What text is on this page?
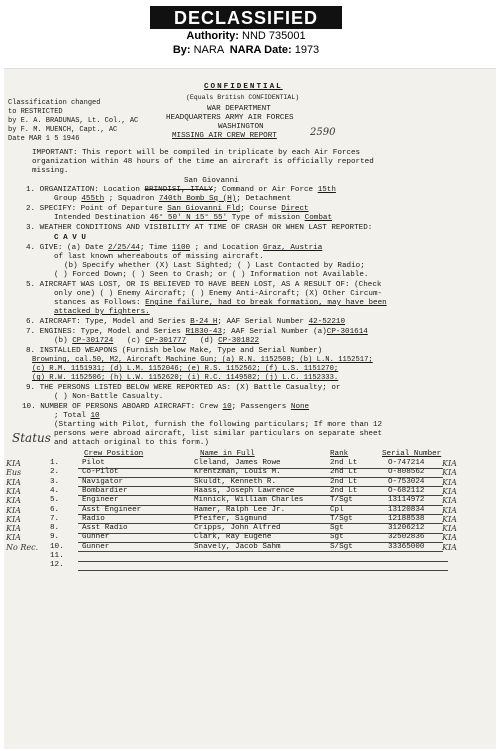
DECLASSIFIED
Authority: NND 735001
By: NARA NARA Date: 1973
CONFIDENTIAL
(Equals British CONFIDENTIAL)
WAR DEPARTMENT
HEADQUARTERS ARMY AIR FORCES
WASHINGTON
MISSING AIR CREW REPORT	2590
Classification changed
to RESTRICTED
by E. A. BRADUNAS, Lt. Col., AC
by F. M. MUENCH, Capt., AC
Date MAR 1 5 1946
IMPORTANT: This report will be compiled in triplicate by each Air Forces
organization within 48 hours of the time an aircraft is officially reported
missing.
San Giovanni
1. ORGANIZATION: Location BRINDISI, ITALY; Command or Air Force 15th
Group 455th ; Squadron 740th Bomb Sq (H); Detachment
2. SPECIFY: Point of Departure San Giovanni Fld; Course Direct
Intended Destination 46° 50' N 15° 55' Type of mission Combat
3. WEATHER CONDITIONS AND VISIBILITY AT TIME OF CRASH OR WHEN LAST REPORTED:
C A V U
4. GIVE: (a) Date 2/25/44; Time 1100 ; and Location Graz, Austria
of last known whereabouts of missing aircraft.
(b) Specify whether (X) Last Sighted; ( ) Last Contacted by Radio;
( ) Forced Down; ( ) Seen to Crash; or ( ) Information not Available.
5. AIRCRAFT WAS LOST, OR IS BELIEVED TO HAVE BEEN LOST, AS A RESULT OF: (Check
only one) ( ) Enemy Aircraft; ( ) Enemy Anti-Aircraft; (X) Other Circum-
stances as Follows: Engine failure, had to break formation, may have been
attacked by fighters.
6. AIRCRAFT: Type, Model and Series B-24 H; AAF Serial Number 42-52210
7. ENGINES: Type, Model and Series R1830-43; AAF Serial Number (a)CP-301614
(b) CP-301724 (c) CP-301777 (d) CP-301822
8. INSTALLED WEAPONS (Furnish below Make, Type and Serial Number)
Browning, cal.50, M2, Aircraft Machine Gun; (a) R.N. 1152508; (b) L.N. 1152517;
(c) R.M. 1151931; (d) L.M. 1152046; (e) R.S. 1152562; (f) L.S. 1151270;
(g) R.W. 1152506; (h) L.W. 1152620; (i) R.C. 1149582; (j) L.C. 1152333.
9. THE PERSONS LISTED BELOW WERE REPORTED AS: (X) Battle Casualty; or
( ) Non-Battle Casualty.
10. NUMBER OF PERSONS ABOARD AIRCRAFT: Crew 10; Passengers None
; Total 10
(Starting with Pilot, furnish the following particulars; If more than 12
persons were abroad aircraft, list similar particulars on separate sheet
and attach original to this form.)
Status
Crew Position	Name in Full	Rank	Serial Number
KIA	1.	Pilot	Cleland, James Rowe	2nd Lt	O-747214 KIA
Eus	2.	Co-Pilot	Krentzman, Louis M.	2nd Lt	O-808562 KIA
KIA	3.	Navigator	Skuldt, Kenneth R.	2nd Lt	O-753024 KIA
KIA	4.	Bombardier	Haass, Joseph Lawrence	2nd Lt	O-682112 KIA
KIA	5.	Engineer	Minnick, William Charles	T/Sgt	13114972 KIA
KIA	6.	Asst Engineer	Hamer, Ralph Lee Jr.	Cpl	13120834 KIA
KIA	7.	Radio	Pfeifer, Sigmund	T/Sgt	12188538 KIA
KIA	8.	Asst Radio	Cripps, John Alfred	Sgt	31206212 KIA
KIA	9.	Gunner	Clark, Ray Eugene	Sgt	32502836 KIA
No Rec. 10. Gunner	Snavely, Jacob Sahm	S/Sgt	33365000 KIA
11.
12.
